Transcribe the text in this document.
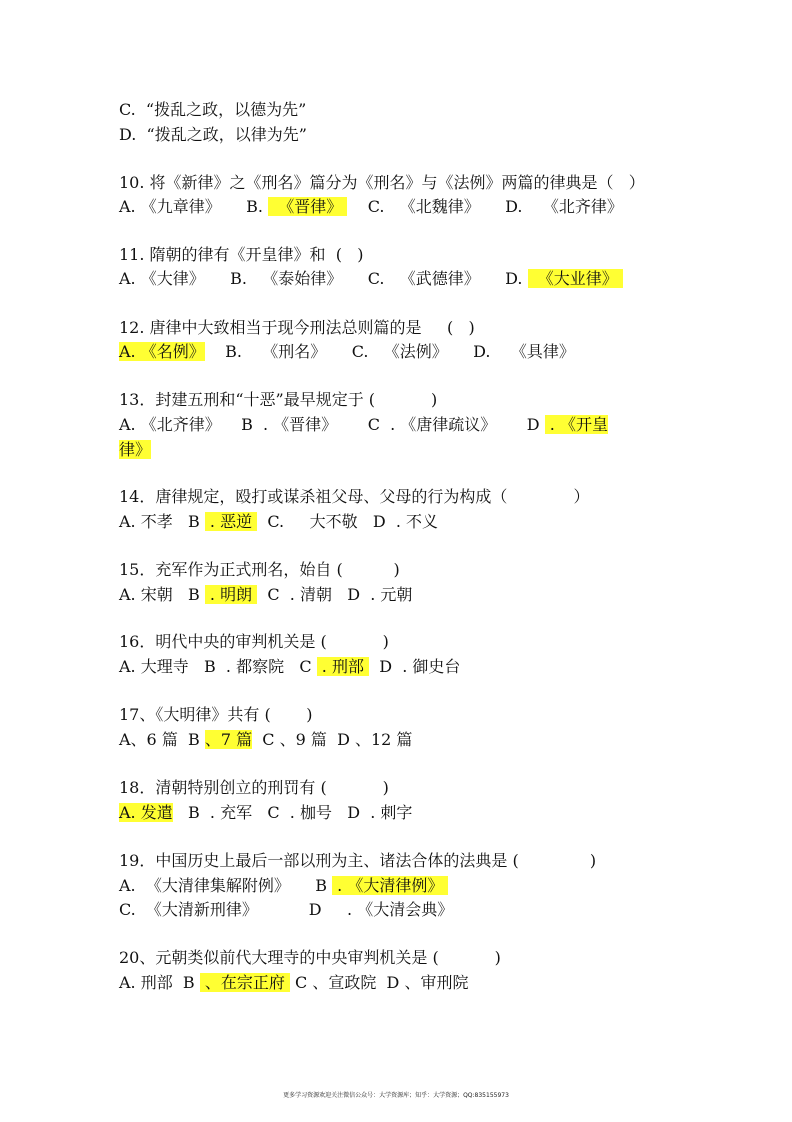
C.  “拨乱之政，以德为先”
D.  “拨乱之政，以律为先”
10. 将《新律》之《刑名》篇分为《刑名》与《法例》两篇的律典是（   ）
A. 《九章律》     B.   《晋律》     C.   《北魏律》     D.    《北齐律》
11. 隋朝的律有《开皇律》和  (   )
A. 《大律》     B.   《泰始律》     C.   《武德律》     D.   《大业律》
12. 唐律中大致相当于现今刑法总则篇的是     (   )
A. 《名例》    B.    《刑名》     C.   《法例》     D.    《具律》
13．封建五刑和“十恶”最早规定于 (           )
A. 《北齐律》    B  . 《晋律》      C  . 《唐律疏议》      D  . 《开皇
律》
14．唐律规定，殴打或谋杀祖父母、父母的行为构成（             ）
A. 不孝   B  . 恶逆   C.     大不敬   D  . 不义
15．充军作为正式刑名，始自 (          )
A. 宋朝   B  . 明朗   C  . 清朝   D  . 元朝
16．明代中央的审判机关是 (           )
A. 大理寺   B  . 都察院   C  . 刑部   D  . 御史台
17、《大明律》共有 (       )
A、6 篇  B 、7 篇  C 、9 篇  D 、12 篇
18．清朝特别创立的刑罚有 (           )
A. 发遣   B  . 充军   C  . 枷号   D  . 刺字
19．中国历史上最后一部以刑为主、诸法合体的法典是 (              )
A.  《大清律集解附例》     B  . 《大清律例》
C.  《大清新刑律》          D     . 《大清会典》
20、元朝类似前代大理寺的中央审判机关是 (           )
A. 刑部  B  、在宗正府  C 、宣政院  D 、审刑院
更多学习资源欢迎关注微信公众号：大学资源库；知乎：大学资源；QQ:835155973
